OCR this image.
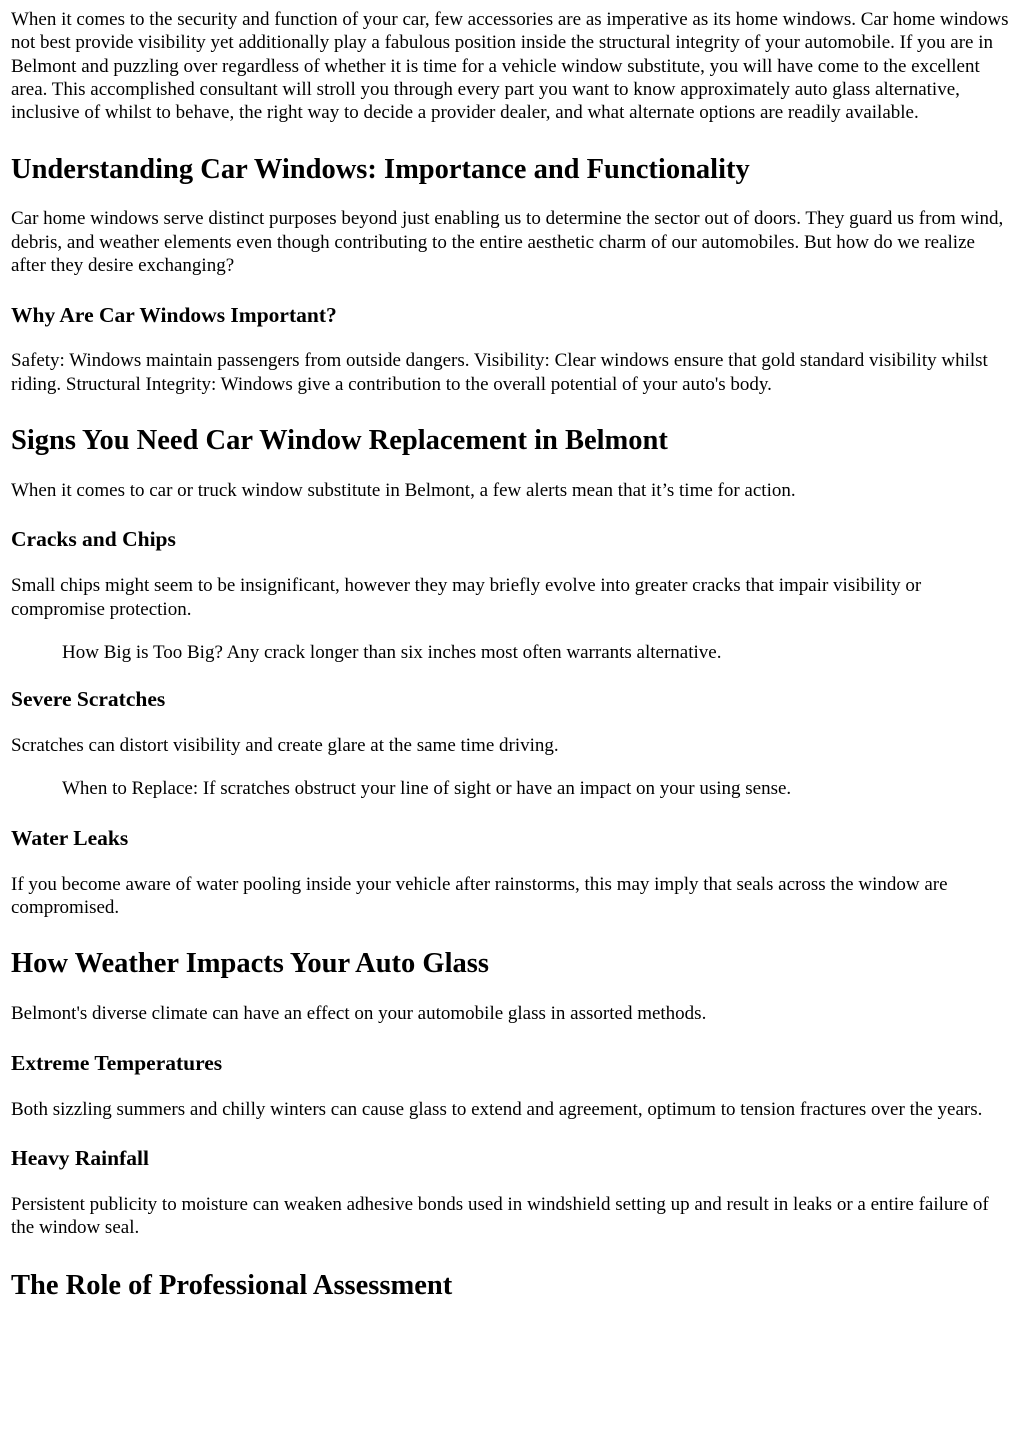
When it comes to the security and function of your car, few accessories are as imperative as its home windows. Car home windows not best provide visibility yet additionally play a fabulous position inside the structural integrity of your automobile. If you are in Belmont and puzzling over regardless of whether it is time for a vehicle window substitute, you will have come to the excellent area. This accomplished consultant will stroll you through every part you want to know approximately auto glass alternative, inclusive of whilst to behave, the right way to decide a provider dealer, and what alternate options are readily available.

Understanding Car Windows: Importance and Functionality

Car home windows serve distinct purposes beyond just enabling us to determine the sector out of doors. They guard us from wind, debris, and weather elements even though contributing to the entire aesthetic charm of our automobiles. But how do we realize after they desire exchanging?

Why Are Car Windows Important?

Safety: Windows maintain passengers from outside dangers. Visibility: Clear windows ensure that gold standard visibility whilst riding. Structural Integrity: Windows give a contribution to the overall potential of your auto's body.

Signs You Need Car Window Replacement in Belmont

When it comes to car or truck window substitute in Belmont, a few alerts mean that it’s time for action.

Cracks and Chips

Small chips might seem to be insignificant, however they may briefly evolve into greater cracks that impair visibility or compromise protection.

How Big is Too Big? Any crack longer than six inches most often warrants alternative.
Severe Scratches

Scratches can distort visibility and create glare at the same time driving.

When to Replace: If scratches obstruct your line of sight or have an impact on your using sense.
Water Leaks

If you become aware of water pooling inside your vehicle after rainstorms, this may imply that seals across the window are compromised.

How Weather Impacts Your Auto Glass

Belmont's diverse climate can have an effect on your automobile glass in assorted methods.

Extreme Temperatures

Both sizzling summers and chilly winters can cause glass to extend and agreement, optimum to tension fractures over the years.

Heavy Rainfall

Persistent publicity to moisture can weaken adhesive bonds used in windshield setting up and result in leaks or a entire failure of the window seal.

The Role of Professional Assessment
